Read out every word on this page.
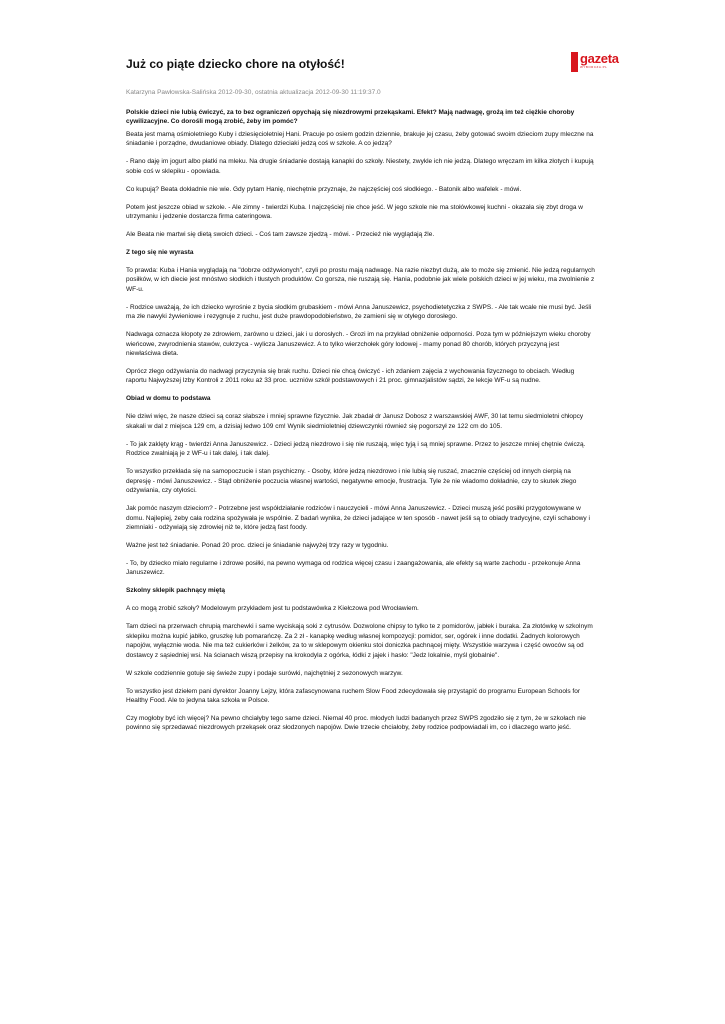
Już co piąte dziecko chore na otyłość!	gazeta
WYBORCZA.PL
Katarzyna Pawłowska-Salińska 2012-09-30, ostatnia aktualizacja 2012-09-30 11:19:37.0

Polskie dzieci nie lubią ćwiczyć, za to bez ograniczeń opychają się niezdrowymi przekąskami. Efekt? Mają nadwagę, grożą im też ciężkie choroby cywilizacyjne. Co dorośli mogą zrobić, żeby im pomóc?

Beata jest mamą ośmioletniego Kuby i dziesięcioletniej Hani. Pracuje po osiem godzin dziennie, brakuje jej czasu, żeby gotować swoim dzieciom zupy mleczne na śniadanie i porządne, dwudaniowe obiady. Dlatego dzieciaki jedzą coś w szkole. A co jedzą?

- Rano daję im jogurt albo płatki na mleku. Na drugie śniadanie dostają kanapki do szkoły. Niestety, zwykle ich nie jedzą. Dlatego wręczam im kilka złotych i kupują sobie coś w sklepiku - opowiada.

Co kupują? Beata dokładnie nie wie. Gdy pytam Hanię, niechętnie przyznaje, że najczęściej coś słodkiego. - Batonik albo wafelek - mówi.

Potem jest jeszcze obiad w szkole. - Ale zimny - twierdzi Kuba. I najczęściej nie chce jeść. W jego szkole nie ma stołówkowej kuchni - okazała się zbyt droga w utrzymaniu i jedzenie dostarcza firma cateringowa.

Ale Beata nie martwi się dietą swoich dzieci. - Coś tam zawsze zjedzą - mówi. - Przecież nie wyglądają źle.

Z tego się nie wyrasta

To prawda: Kuba i Hania wyglądają na "dobrze odżywionych", czyli po prostu mają nadwagę. Na razie niezbyt dużą, ale to może się zmienić. Nie jedzą regularnych posiłków, w ich diecie jest mnóstwo słodkich i tłustych produktów. Co gorsza, nie ruszają się. Hania, podobnie jak wiele polskich dzieci w jej wieku, ma zwolnienie z WF-u.

- Rodzice uważają, że ich dziecko wyrośnie z bycia słodkim grubaskiem - mówi Anna Januszewicz, psychodietetyczka z SWPS. - Ale tak wcale nie musi być. Jeśli ma złe nawyki żywieniowe i rezygnuje z ruchu, jest duże prawdopodobieństwo, że zamieni się w otyłego dorosłego.

Nadwaga oznacza kłopoty ze zdrowiem, zarówno u dzieci, jak i u dorosłych. - Grozi im na przykład obniżenie odporności. Poza tym w późniejszym wieku choroby wieńcowe, zwyrodnienia stawów, cukrzyca - wylicza Januszewicz. A to tylko wierzchołek góry lodowej - mamy ponad 80 chorób, których przyczyną jest niewłaściwa dieta.

Oprócz złego odżywiania do nadwagi przyczynia się brak ruchu. Dzieci nie chcą ćwiczyć - ich zdaniem zajęcia z wychowania fizycznego to obciach. Według raportu Najwyższej Izby Kontroli z 2011 roku aż 33 proc. uczniów szkół podstawowych i 21 proc. gimnazjalistów sądzi, że lekcje WF-u są nudne.

Obiad w domu to podstawa

Nie dziwi więc, że nasze dzieci są coraz słabsze i mniej sprawne fizycznie. Jak zbadał dr Janusz Dobosz z warszawskiej AWF, 30 lat temu siedmioletni chłopcy skakali w dal z miejsca 129 cm, a dzisiaj ledwo 109 cm! Wynik siedmioletniej dziewczynki również się pogorszył ze 122 cm do 105.

- To jak zaklęty krąg - twierdzi Anna Januszewicz. - Dzieci jedzą niezdrowo i się nie ruszają, więc tyją i są mniej sprawne. Przez to jeszcze mniej chętnie ćwiczą. Rodzice zwalniają je z WF-u i tak dalej, i tak dalej.

To wszystko przekłada się na samopoczucie i stan psychiczny. - Osoby, które jedzą niezdrowo i nie lubią się ruszać, znacznie częściej od innych cierpią na depresję - mówi Januszewicz. - Stąd obniżenie poczucia własnej wartości, negatywne emocje, frustracja. Tyle że nie wiadomo dokładnie, czy to skutek złego odżywiania, czy otyłości.

Jak pomóc naszym dzieciom? - Potrzebne jest współdziałanie rodziców i nauczycieli - mówi Anna Januszewicz. - Dzieci muszą jeść posiłki przygotowywane w domu. Najlepiej, żeby cała rodzina spożywała je wspólnie. Z badań wynika, że dzieci jadające w ten sposób - nawet jeśli są to obiady tradycyjne, czyli schabowy i ziemniaki - odżywiają się zdrowiej niż te, które jedzą fast foody.

Ważne jest też śniadanie. Ponad 20 proc. dzieci je śniadanie najwyżej trzy razy w tygodniu.

- To, by dziecko miało regularne i zdrowe posiłki, na pewno wymaga od rodzica więcej czasu i zaangażowania, ale efekty są warte zachodu - przekonuje Anna Januszewicz.

Szkolny sklepik pachnący miętą

A co mogą zrobić szkoły? Modelowym przykładem jest tu podstawówka z Kiełczowa pod Wrocławiem.

Tam dzieci na przerwach chrupią marchewki i same wyciskają soki z cytrusów. Dozwolone chipsy to tylko te z pomidorów, jabłek i buraka. Za złotówkę w szkolnym sklepiku można kupić jabłko, gruszkę lub pomarańczę. Za 2 zł - kanapkę według własnej kompozycji: pomidor, ser, ogórek i inne dodatki. Żadnych kolorowych napojów, wyłącznie woda. Nie ma też cukierków i żelków, za to w sklepowym okienku stoi doniczka pachnącej mięty. Wszystkie warzywa i część owoców są od dostawcy z sąsiedniej wsi. Na ścianach wiszą przepisy na krokodyla z ogórka, łódki z jajek i hasło: "Jedz lokalnie, myśl globalnie".

W szkole codziennie gotuje się świeże zupy i podaje surówki, najchętniej z sezonowych warzyw.

To wszystko jest dziełem pani dyrektor Joanny Lejzy, która zafascynowana ruchem Slow Food zdecydowała się przystąpić do programu European Schools for Healthy Food. Ale to jedyna taka szkoła w Polsce.

Czy mogłoby być ich więcej? Na pewno chciałyby tego same dzieci. Niemal 40 proc. młodych ludzi badanych przez SWPS zgodziło się z tym, że w szkołach nie powinno się sprzedawać niezdrowych przekąsek oraz słodzonych napojów. Dwie trzecie chciałoby, żeby rodzice podpowiadali im, co i dlaczego warto jeść.
